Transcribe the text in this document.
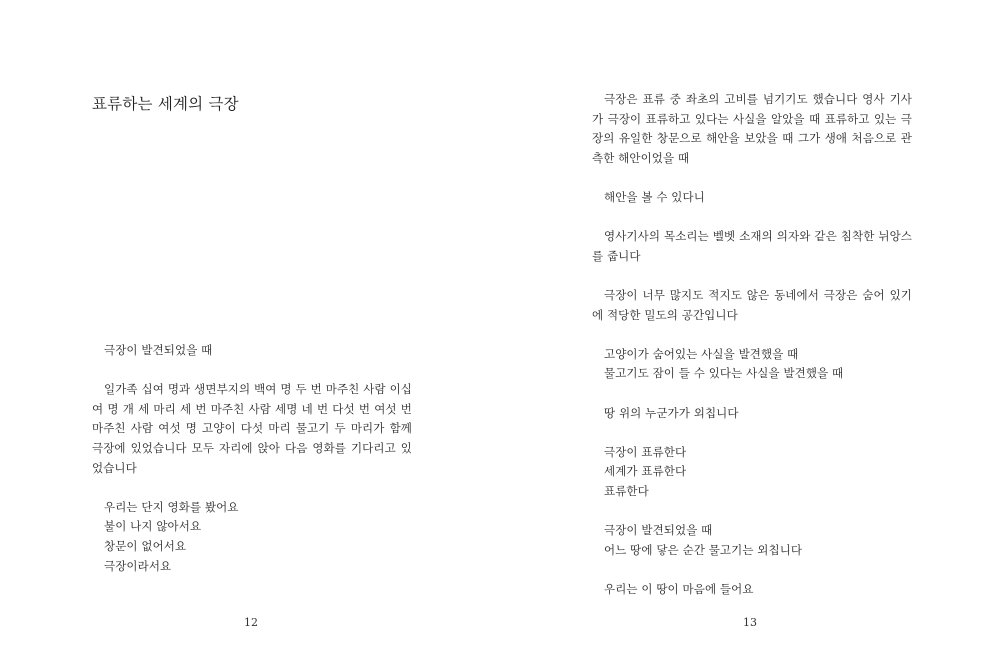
표류하는 세계의 극장

극장이 발견되었을 때

일가족 십여 명과 생면부지의 백여 명 두 번 마주친 사람 이십여 명 개 세 마리 세 번 마주친 사람 세명 네 번 다섯 번 여섯 번 마주친 사람 여섯 명 고양이 다섯 마리 물고기 두 마리가 함께 극장에 있었습니다 모두 자리에 앉아 다음 영화를 기다리고 있었습니다

우리는 단지 영화를 봤어요

불이 나지 않아서요

창문이 없어서요

극장이라서요

12

극장은 표류 중 좌초의 고비를 넘기기도 했습니다 영사 기사가 극장이 표류하고 있다는 사실을 알았을 때 표류하고 있는 극장의 유일한 창문으로 해안을 보았을 때 그가 생애 처음으로 관측한 해안이었을 때

해안을 볼 수 있다니

영사기사의 목소리는 벨벳 소재의 의자와 같은 침착한 뉘앙스를 줍니다

극장이 너무 많지도 적지도 않은 동네에서 극장은 숨어 있기에 적당한 밀도의 공간입니다

고양이가 숨어있는 사실을 발견했을 때

물고기도 잠이 들 수 있다는 사실을 발견했을 때

땅 위의 누군가가 외칩니다

극장이 표류한다

세계가 표류한다

표류한다

극장이 발견되었을 때

어느 땅에 닿은 순간 물고기는 외칩니다

우리는 이 땅이 마음에 들어요

13
